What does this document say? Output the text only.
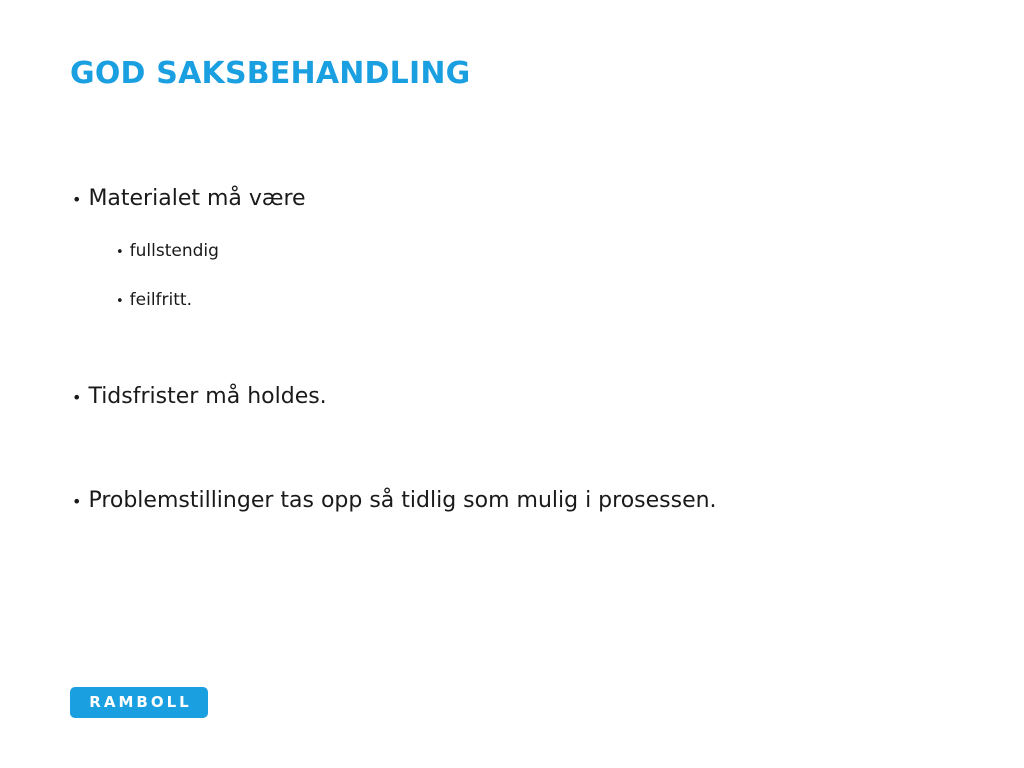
GOD SAKSBEHANDLING
• Materialet må være
• fullstendig
• feilfritt.
• Tidsfrister må holdes.
• Problemstillinger tas opp så tidlig som mulig i prosessen.
RAMBOLL
